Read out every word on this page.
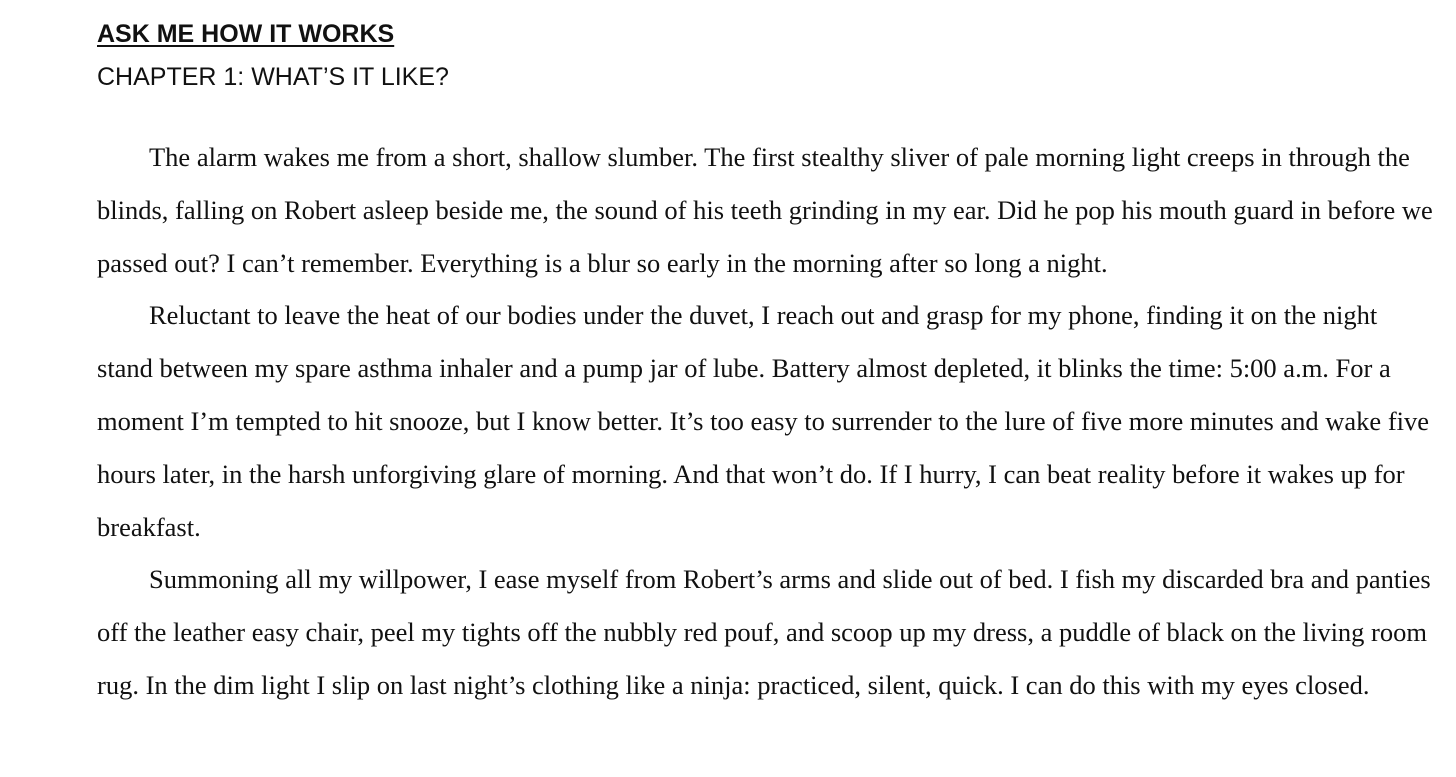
ASK ME HOW IT WORKS
CHAPTER 1: WHAT’S IT LIKE?

The alarm wakes me from a short, shallow slumber. The first stealthy sliver of pale morning light creeps in through the blinds, falling on Robert asleep beside me, the sound of his teeth grinding in my ear. Did he pop his mouth guard in before we passed out? I can’t remember. Everything is a blur so early in the morning after so long a night.

Reluctant to leave the heat of our bodies under the duvet, I reach out and grasp for my phone, finding it on the night stand between my spare asthma inhaler and a pump jar of lube. Battery almost depleted, it blinks the time: 5:00 a.m. For a moment I’m tempted to hit snooze, but I know better. It’s too easy to surrender to the lure of five more minutes and wake five hours later, in the harsh unforgiving glare of morning. And that won’t do. If I hurry, I can beat reality before it wakes up for breakfast.

Summoning all my willpower, I ease myself from Robert’s arms and slide out of bed. I fish my discarded bra and panties off the leather easy chair, peel my tights off the nubbly red pouf, and scoop up my dress, a puddle of black on the living room rug. In the dim light I slip on last night’s clothing like a ninja: practiced, silent, quick. I can do this with my eyes closed.
